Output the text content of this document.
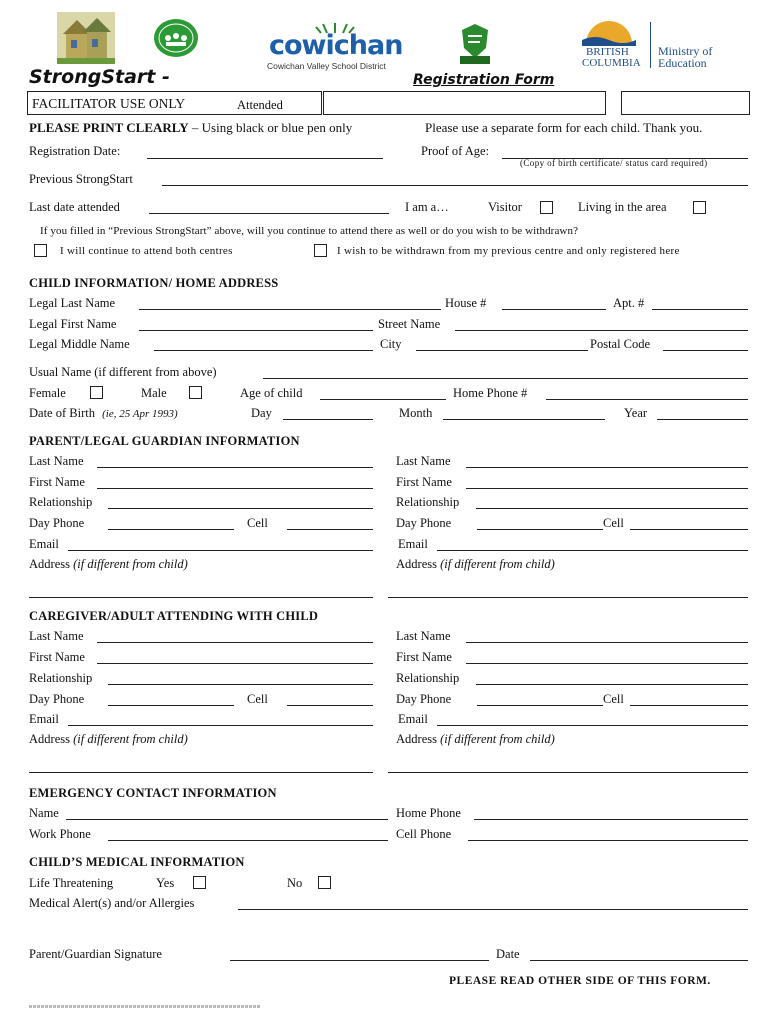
cowichan
Cowichan Valley School District
BRITISH
COLUMBIA
Ministry of
Education
StrongStart -	Registration Form
FACILITATOR USE ONLY	Attended
PLEASE PRINT CLEARLY – Using black or blue pen only	Please use a separate form for each child. Thank you.
Registration Date:	Proof of Age:
(Copy of birth certificate/ status card required)
Previous StrongStart
Last date attended	I am a…	Visitor	Living in the area
If you filled in “Previous StrongStart” above, will you continue to attend there as well or do you wish to be withdrawn?
I will continue to attend both centres	I wish to be withdrawn from my previous centre and only registered here
CHILD INFORMATION/ HOME ADDRESS
Legal Last Name	House #	Apt. #
Legal First Name	Street Name
Legal Middle Name	City	Postal Code
Usual Name (if different from above)
Female	Male	Age of child	Home Phone #
Date of Birth (ie, 25 Apr 1993)	Day	Month	Year
PARENT/LEGAL GUARDIAN INFORMATION
Last Name
First Name
Relationship
Day Phone	Cell
Email
Address (if different from child)
Last Name
First Name
Relationship
Day Phone	Cell
Email
Address (if different from child)
CAREGIVER/ADULT ATTENDING WITH CHILD
Last Name
First Name
Relationship
Day Phone	Cell
Email
Address (if different from child)
Last Name
First Name
Relationship
Day Phone	Cell
Email
Address (if different from child)
EMERGENCY CONTACT INFORMATION
Name	Home Phone
Work Phone	Cell Phone
CHILD’S MEDICAL INFORMATION
Life Threatening	Yes	No
Medical Alert(s) and/or Allergies
Parent/Guardian Signature	Date
PLEASE READ OTHER SIDE OF THIS FORM.
